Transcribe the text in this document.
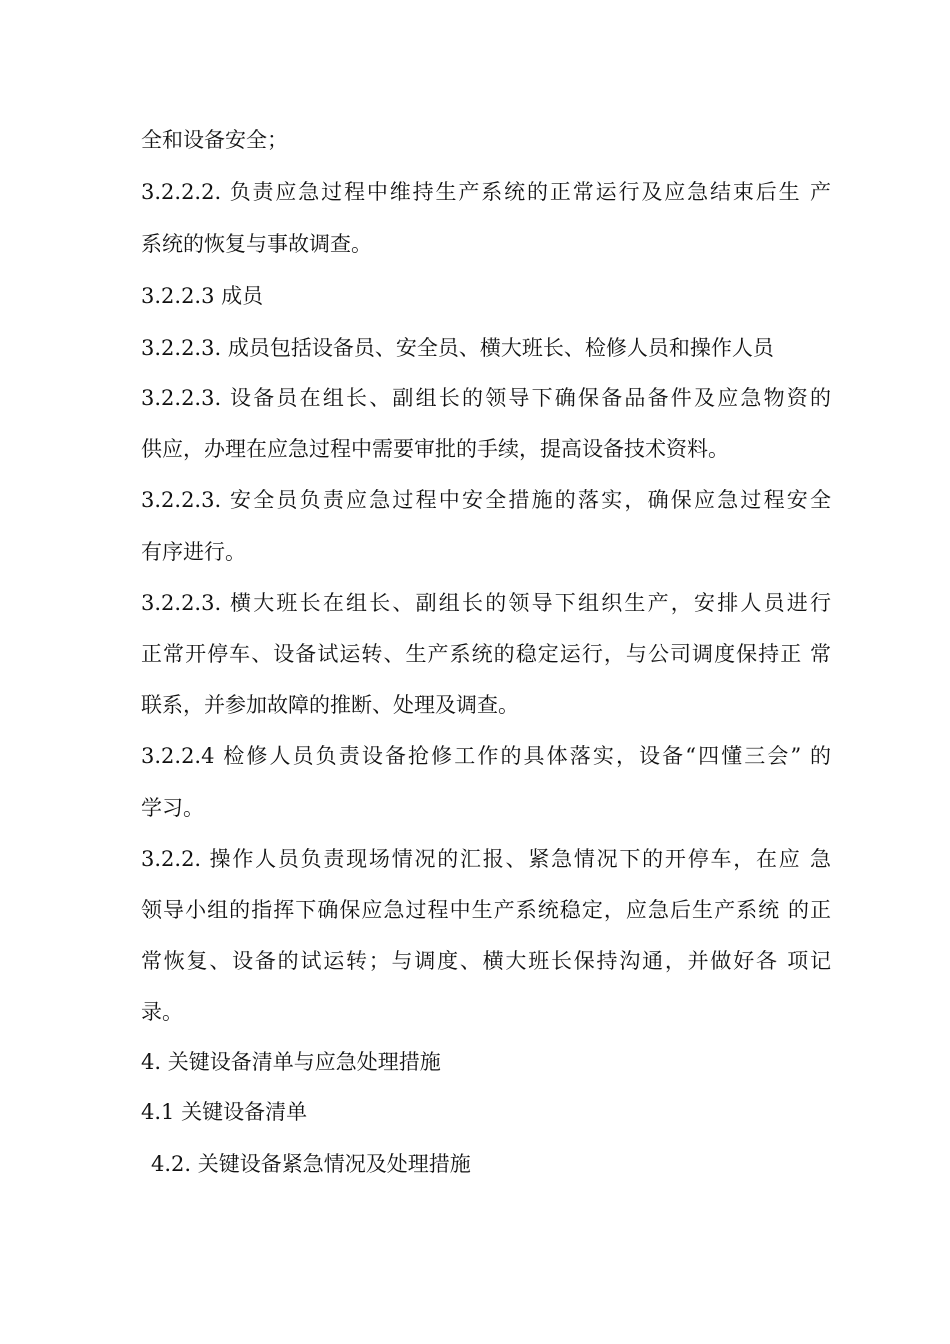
全和设备安全；
3.2.2.2. 负责应急过程中维持生产系统的正常运行及应急结束后生 产
系统的恢复与事故调查。
3.2.2.3 成员
3.2.2.3. 成员包括设备员、安全员、横大班长、检修人员和操作人员
3.2.2.3. 设备员在组长、副组长的领导下确保备品备件及应急物资的
供应，办理在应急过程中需要审批的手续，提高设备技术资料。
3.2.2.3. 安全员负责应急过程中安全措施的落实，确保应急过程安全
有序进行。
3.2.2.3. 横大班长在组长、副组长的领导下组织生产，安排人员进行
正常开停车、设备试运转、生产系统的稳定运行，与公司调度保持正 常
联系，并参加故障的推断、处理及调查。
3.2.2.4 检修人员负责设备抢修工作的具体落实，设备“四懂三会” 的
学习。
3.2.2. 操作人员负责现场情况的汇报、紧急情况下的开停车，在应 急
领导小组的指挥下确保应急过程中生产系统稳定，应急后生产系统 的正
常恢复、设备的试运转；与调度、横大班长保持沟通，并做好各 项记
录。
4. 关键设备清单与应急处理措施
4.1 关键设备清单
4.2. 关键设备紧急情况及处理措施
